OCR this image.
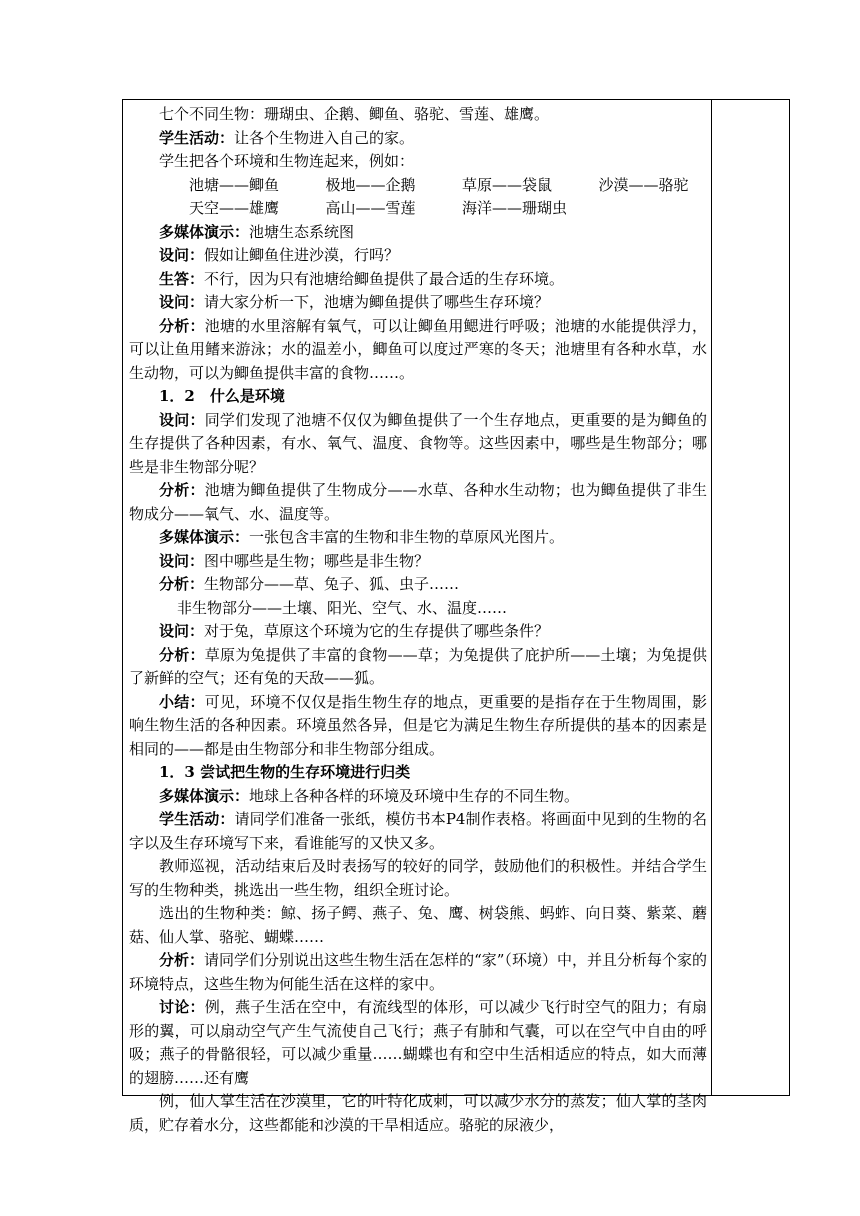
七个不同生物：珊瑚虫、企鹅、鲫鱼、骆驼、雪莲、雄鹰。

学生活动：让各个生物进入自己的家。

学生把各个环境和生物连起来，例如：

池塘——鲫鱼	极地——企鹅	草原——袋鼠	沙漠——骆驼

天空——雄鹰	高山——雪莲	海洋——珊瑚虫

多媒体演示：池塘生态系统图

设问：假如让鲫鱼住进沙漠，行吗？

生答：不行，因为只有池塘给鲫鱼提供了最合适的生存环境。

设问：请大家分析一下，池塘为鲫鱼提供了哪些生存环境？

分析：池塘的水里溶解有氧气，可以让鲫鱼用鳃进行呼吸；池塘的水能提供浮力，可以让鱼用鳍来游泳；水的温差小，鲫鱼可以度过严寒的冬天；池塘里有各种水草，水生动物，可以为鲫鱼提供丰富的食物……。

1．2　什么是环境

设问：同学们发现了池塘不仅仅为鲫鱼提供了一个生存地点，更重要的是为鲫鱼的生存提供了各种因素，有水、氧气、温度、食物等。这些因素中，哪些是生物部分；哪些是非生物部分呢？

分析：池塘为鲫鱼提供了生物成分——水草、各种水生动物；也为鲫鱼提供了非生物成分——氧气、水、温度等。

多媒体演示：一张包含丰富的生物和非生物的草原风光图片。

设问：图中哪些是生物；哪些是非生物？

分析：生物部分——草、兔子、狐、虫子……

非生物部分——土壤、阳光、空气、水、温度……

设问：对于兔，草原这个环境为它的生存提供了哪些条件？

分析：草原为兔提供了丰富的食物——草；为兔提供了庇护所——土壤；为兔提供了新鲜的空气；还有兔的天敌——狐。

小结：可见，环境不仅仅是指生物生存的地点，更重要的是指存在于生物周围，影响生物生活的各种因素。环境虽然各异，但是它为满足生物生存所提供的基本的因素是相同的——都是由生物部分和非生物部分组成。

1．3 尝试把生物的生存环境进行归类

多媒体演示：地球上各种各样的环境及环境中生存的不同生物。

学生活动：请同学们准备一张纸，模仿书本P4制作表格。将画面中见到的生物的名字以及生存环境写下来，看谁能写的又快又多。

教师巡视，活动结束后及时表扬写的较好的同学，鼓励他们的积极性。并结合学生写的生物种类，挑选出一些生物，组织全班讨论。

选出的生物种类：鲸、扬子鳄、燕子、兔、鹰、树袋熊、蚂蚱、向日葵、紫菜、蘑菇、仙人掌、骆驼、蝴蝶……

分析：请同学们分别说出这些生物生活在怎样的“家”（环境）中，并且分析每个家的环境特点，这些生物为何能生活在这样的家中。

讨论：例，燕子生活在空中，有流线型的体形，可以减少飞行时空气的阻力；有扇形的翼，可以扇动空气产生气流使自己飞行；燕子有肺和气囊，可以在空气中自由的呼吸；燕子的骨骼很轻，可以减少重量……蝴蝶也有和空中生活相适应的特点，如大而薄的翅膀……还有鹰

例，仙人掌生活在沙漠里，它的叶特化成刺，可以减少水分的蒸发；仙人掌的茎肉质，贮存着水分，这些都能和沙漠的干旱相适应。骆驼的尿液少，
